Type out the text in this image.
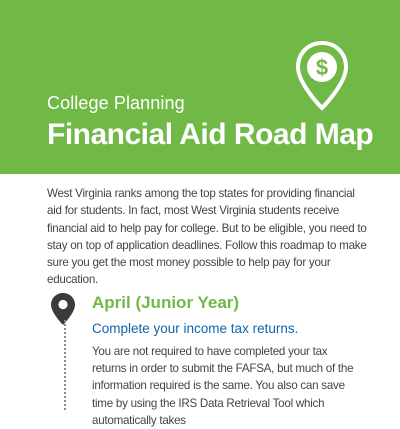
$
College Planning
Financial Aid Road Map

West Virginia ranks among the top states for providing financial aid for students. In fact, most West Virginia students receive financial aid to help pay for college. But to be eligible, you need to stay on top of application deadlines. Follow this roadmap to make sure you get the most money possible to help pay for your education.

April (Junior Year)
Complete your income tax returns.

You are not required to have completed your tax returns in order to submit the FAFSA, but much of the information required is the same. You also can save time by using the IRS Data Retrieval Tool which automatically takes
